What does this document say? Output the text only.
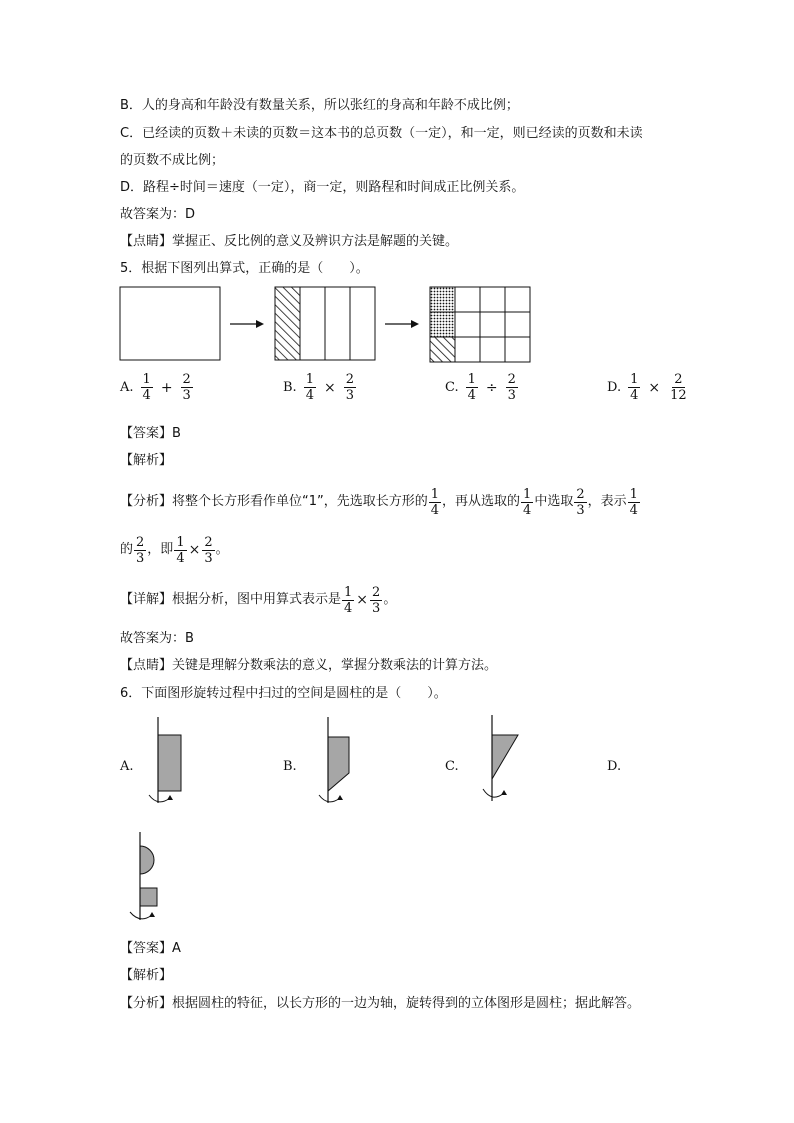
B．人的身高和年龄没有数量关系，所以张红的身高和年龄不成比例；
C．已经读的页数＋未读的页数＝这本书的总页数（一定），和一定，则已经读的页数和未读
的页数不成比例；
D．路程÷时间＝速度（一定），商一定，则路程和时间成正比例关系。
故答案为：D
【点睛】掌握正、反比例的意义及辨识方法是解题的关键。
5．根据下图列出算式，正确的是（　　）。
A. $\frac{1}{4} + \frac{2}{3}$	B. $\frac{1}{4} \times \frac{2}{3}$	C. $\frac{1}{4} \div \frac{2}{3}$	D. $\frac{1}{4} \times \frac{2}{12}$
【答案】B
【解析】
【分析】将整个长方形看作单位“1”，先选取长方形的 $\frac{1}{4}$ ，再从选取的 $\frac{1}{4}$ 中选取 $\frac{2}{3}$ ，表示 $\frac{1}{4}$
的 $\frac{2}{3}$ ，即 $\frac{1}{4} \times \frac{2}{3}$ 。
【详解】根据分析，图中用算式表示是 $\frac{1}{4} \times \frac{2}{3}$ 。
故答案为：B
【点睛】关键是理解分数乘法的意义，掌握分数乘法的计算方法。
6．下面图形旋转过程中扫过的空间是圆柱的是（　　）。
A.	B.	C.	D.
【答案】A
【解析】
【分析】根据圆柱的特征，以长方形的一边为轴，旋转得到的立体图形是圆柱；据此解答。
